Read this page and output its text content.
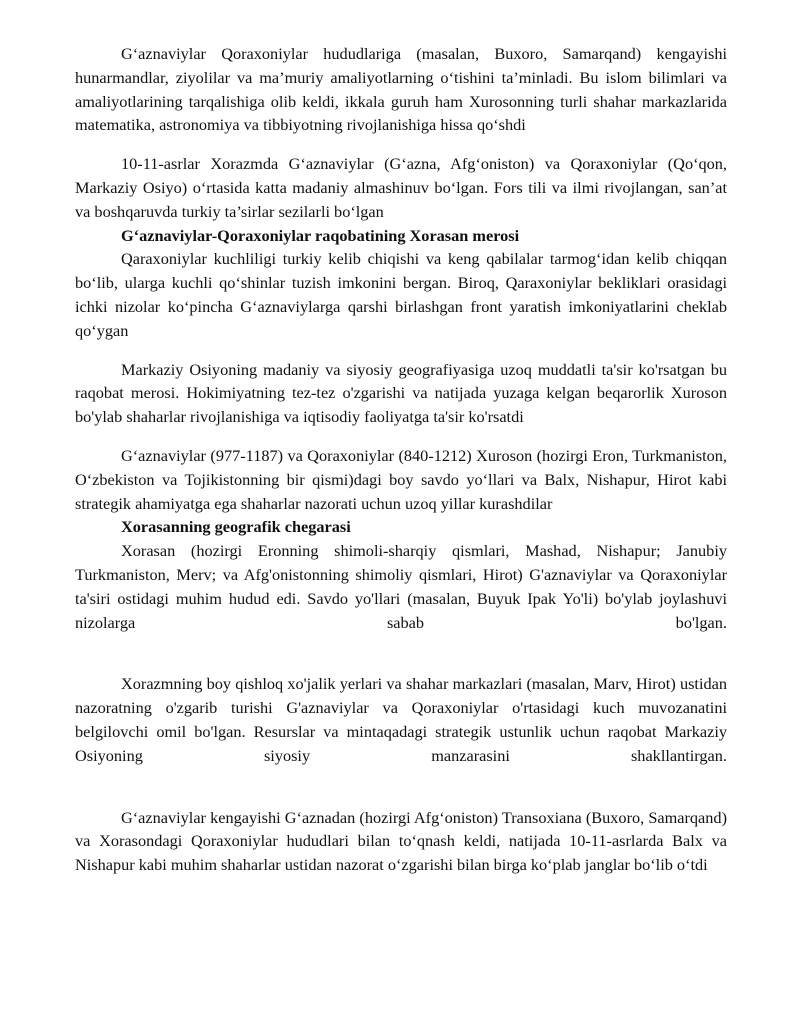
G‘aznaviylar Qoraxoniylar hududlariga (masalan, Buxoro, Samarqand) kengayishi hunarmandlar, ziyolilar va ma’muriy amaliyotlarning o‘tishini ta’minladi. Bu islom bilimlari va amaliyotlarining tarqalishiga olib keldi, ikkala guruh ham Xurosonning turli shahar markazlarida matematika, astronomiya va tibbiyotning rivojlanishiga hissa qo‘shdi

10-11-asrlar Xorazmda G‘aznaviylar (G‘azna, Afg‘oniston) va Qoraxoniylar (Qo‘qon, Markaziy Osiyo) o‘rtasida katta madaniy almashinuv bo‘lgan. Fors tili va ilmi rivojlangan, san’at va boshqaruvda turkiy ta’sirlar sezilarli bo‘lgan

G‘aznaviylar-Qoraxoniylar raqobatining Xorasan merosi

Qaraxoniylar kuchliligi turkiy kelib chiqishi va keng qabilalar tarmog‘idan kelib chiqqan bo‘lib, ularga kuchli qo‘shinlar tuzish imkonini bergan. Biroq, Qaraxoniylar bekliklari orasidagi ichki nizolar ko‘pincha G‘aznaviylarga qarshi birlashgan front yaratish imkoniyatlarini cheklab qo‘ygan

Markaziy Osiyoning madaniy va siyosiy geografiyasiga uzoq muddatli ta'sir ko'rsatgan bu raqobat merosi. Hokimiyatning tez-tez o'zgarishi va natijada yuzaga kelgan beqarorlik Xuroson bo'ylab shaharlar rivojlanishiga va iqtisodiy faoliyatga ta'sir ko'rsatdi

G‘aznaviylar (977-1187) va Qoraxoniylar (840-1212) Xuroson (hozirgi Eron, Turkmaniston, O‘zbekiston va Tojikistonning bir qismi)dagi boy savdo yo‘llari va Balx, Nishapur, Hirot kabi strategik ahamiyatga ega shaharlar nazorati uchun uzoq yillar kurashdilar

Xorasanning geografik chegarasi

Xorasan (hozirgi Eronning shimoli-sharqiy qismlari, Mashad, Nishapur; Janubiy Turkmaniston, Merv; va Afg'onistonning shimoliy qismlari, Hirot) G'aznaviylar va Qoraxoniylar ta'siri ostidagi muhim hudud edi. Savdo yo'llari (masalan, Buyuk Ipak Yo'li) bo'ylab joylashuvi nizolarga sabab bo'lgan.

Xorazmning boy qishloq xo'jalik yerlari va shahar markazlari (masalan, Marv, Hirot) ustidan nazoratning o'zgarib turishi G'aznaviylar va Qoraxoniylar o'rtasidagi kuch muvozanatini belgilovchi omil bo'lgan. Resurslar va mintaqadagi strategik ustunlik uchun raqobat Markaziy Osiyoning siyosiy manzarasini shakllantirgan.

G‘aznaviylar kengayishi G‘aznadan (hozirgi Afg‘oniston) Transoxiana (Buxoro, Samarqand) va Xorasondagi Qoraxoniylar hududlari bilan to‘qnash keldi, natijada 10-11-asrlarda Balx va Nishapur kabi muhim shaharlar ustidan nazorat o‘zgarishi bilan birga ko‘plab janglar bo‘lib o‘tdi
